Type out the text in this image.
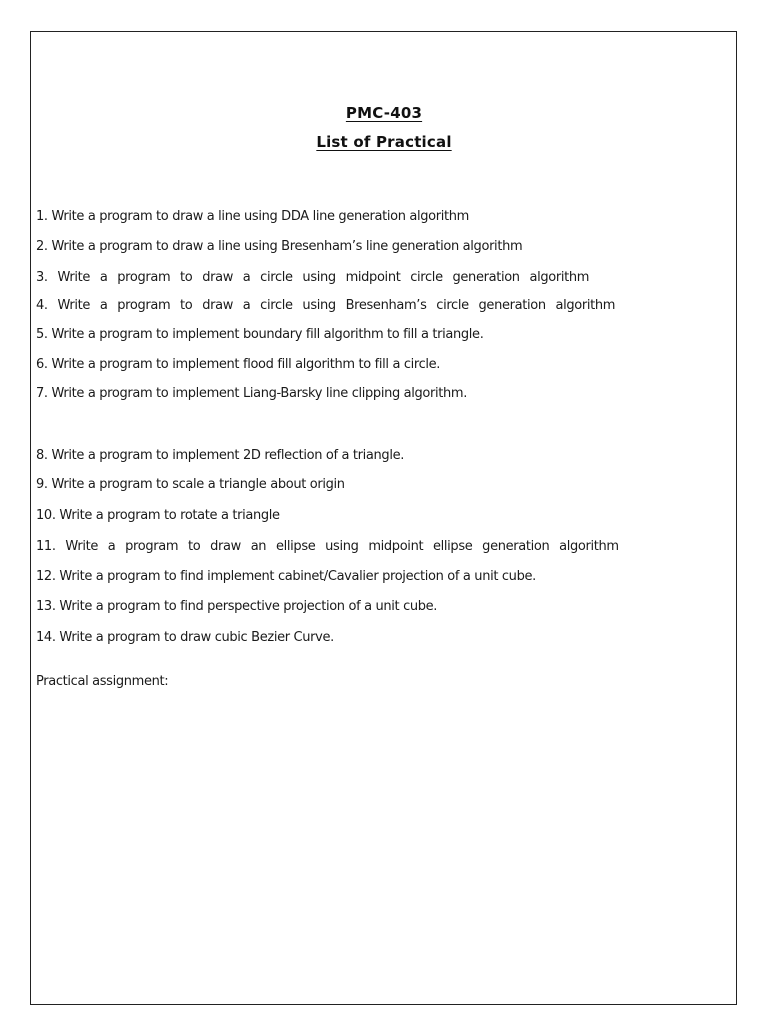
PMC-403
List of Practical
1. Write a program to draw a line using DDA line generation algorithm
2. Write a program to draw a line using Bresenham’s line generation algorithm
3. Write a program to draw a circle using midpoint circle generation algorithm
4. Write a program to draw a circle using Bresenham’s circle generation algorithm
5. Write a program to implement boundary fill algorithm to fill a triangle.
6. Write a program to implement flood fill algorithm to fill a circle.
7. Write a program to implement Liang-Barsky line clipping algorithm.
8. Write a program to implement 2D reflection of a triangle.
9. Write a program to scale a triangle about origin
10. Write a program to rotate a triangle
11. Write a program to draw an ellipse using midpoint ellipse generation algorithm
12. Write a program to find implement cabinet/Cavalier projection of a unit cube.
13. Write a program to find perspective projection of a unit cube.
14. Write a program to draw cubic Bezier Curve.
Practical assignment:
